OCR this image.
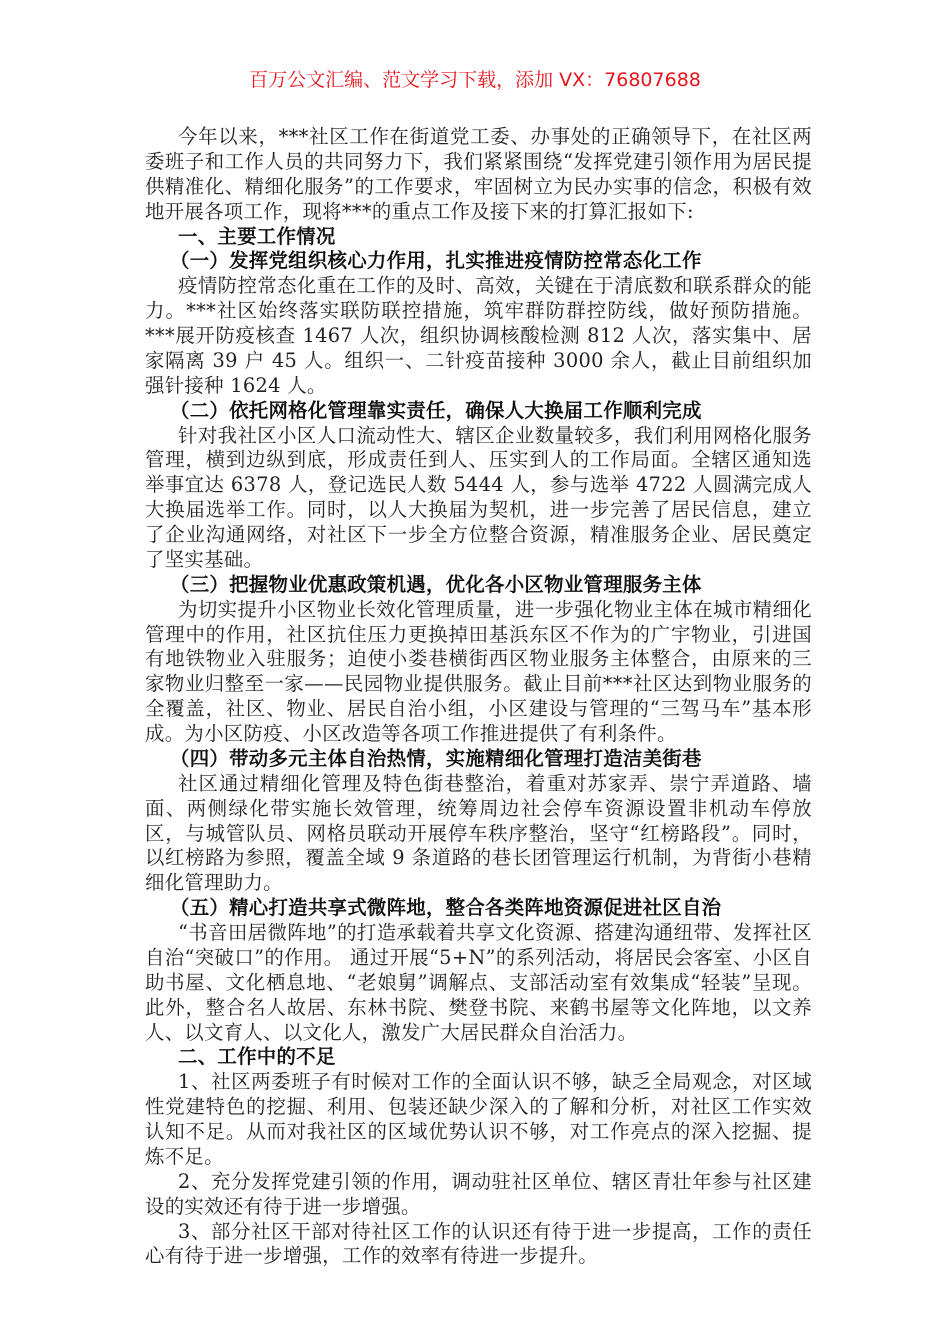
百万公文汇编、范文学习下载，添加 VX：76807688

今年以来，***社区工作在街道党工委、办事处的正确领导下，在社区两委班子和工作人员的共同努力下，我们紧紧围绕“发挥党建引领作用为居民提供精准化、精细化服务”的工作要求，牢固树立为民办实事的信念，积极有效地开展各项工作，现将***的重点工作及接下来的打算汇报如下:

一、主要工作情况

（一）发挥党组织核心力作用，扎实推进疫情防控常态化工作

疫情防控常态化重在工作的及时、高效，关键在于清底数和联系群众的能力。***社区始终落实联防联控措施，筑牢群防群控防线，做好预防措施。***展开防疫核查 1467 人次，组织协调核酸检测 812 人次，落实集中、居家隔离 39 户 45 人。组织一、二针疫苗接种 3000 余人，截止目前组织加强针接种 1624 人。

（二）依托网格化管理靠实责任，确保人大换届工作顺利完成

针对我社区小区人口流动性大、辖区企业数量较多，我们利用网格化服务管理，横到边纵到底，形成责任到人、压实到人的工作局面。全辖区通知选举事宜达 6378 人，登记选民人数 5444 人，参与选举 4722 人圆满完成人大换届选举工作。同时，以人大换届为契机，进一步完善了居民信息，建立了企业沟通网络，对社区下一步全方位整合资源，精准服务企业、居民奠定了坚实基础。

（三）把握物业优惠政策机遇，优化各小区物业管理服务主体

为切实提升小区物业长效化管理质量，进一步强化物业主体在城市精细化管理中的作用，社区抗住压力更换掉田基浜东区不作为的广宇物业，引进国有地铁物业入驻服务；迫使小娄巷横街西区物业服务主体整合，由原来的三家物业归整至一家——民园物业提供服务。截止目前***社区达到物业服务的全覆盖，社区、物业、居民自治小组，小区建设与管理的“三驾马车”基本形成。为小区防疫、小区改造等各项工作推进提供了有利条件。

（四）带动多元主体自治热情，实施精细化管理打造洁美街巷

社区通过精细化管理及特色街巷整治，着重对苏家弄、崇宁弄道路、墙面、两侧绿化带实施长效管理，统筹周边社会停车资源设置非机动车停放区，与城管队员、网格员联动开展停车秩序整治，坚守“红榜路段”。同时，以红榜路为参照，覆盖全域 9 条道路的巷长团管理运行机制，为背街小巷精细化管理助力。

（五）精心打造共享式微阵地，整合各类阵地资源促进社区自治

“书音田居微阵地”的打造承载着共享文化资源、搭建沟通纽带、发挥社区自治“突破口”的作用。 通过开展“5+N”的系列活动，将居民会客室、小区自助书屋、文化栖息地、“老娘舅”调解点、支部活动室有效集成“轻装”呈现。此外，整合名人故居、东林书院、樊登书院、来鹤书屋等文化阵地，以文养人、以文育人、以文化人，激发广大居民群众自治活力。

二、工作中的不足

1、社区两委班子有时候对工作的全面认识不够，缺乏全局观念，对区域性党建特色的挖掘、利用、包装还缺少深入的了解和分析，对社区工作实效认知不足。从而对我社区的区域优势认识不够，对工作亮点的深入挖掘、提炼不足。

2、充分发挥党建引领的作用，调动驻社区单位、辖区青壮年参与社区建设的实效还有待于进一步增强。

3、部分社区干部对待社区工作的认识还有待于进一步提高，工作的责任心有待于进一步增强，工作的效率有待进一步提升。
